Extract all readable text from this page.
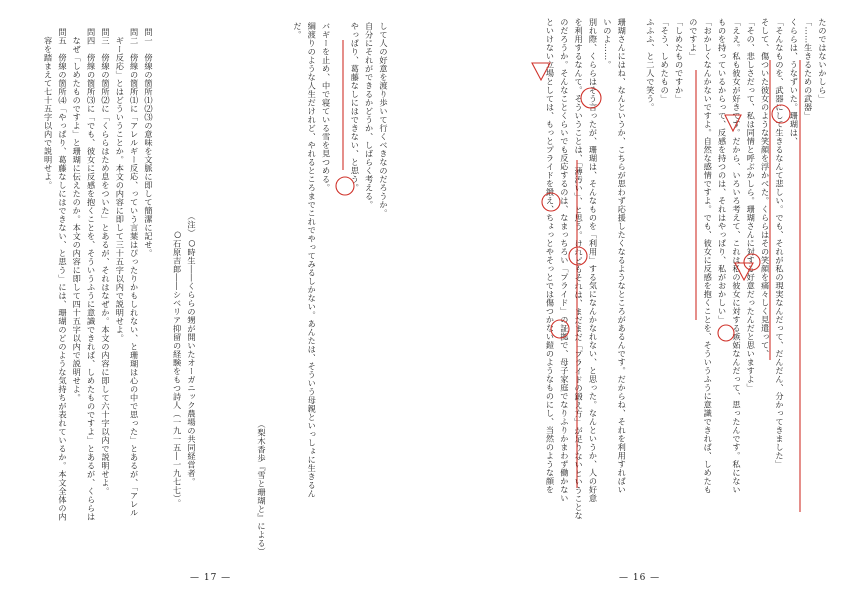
たのではないかしら」
「……生きるための武器」
くららは、うなずいた。珊瑚は、
「そんなものを、武器にして生きるなんて悲しい。でも、それが私の現実なんだって、だんだん、分かってきました」
そして、傷ついた彼女のような笑顔を浮かべた。くららはその笑顔を痛々しく見遣って、
「その、悲しさだって、私は同情と呼ぶかしら。珊瑚さんに対する好意だったんだと思いますよ」
「ええ。私も彼女が好きです。だから、いろいろ考えて、これは私の彼女に対する嫉妬なんだって、思ったんです。私にない
ものを持っているからって、反感を持つのは、それはやっぱり、私がおかしい」
「おかしくなんかないですよ。自然な感情ですよ。でも、彼女に反感を抱くことを、そういうふうに意識できれば、しめたも
のですよ」
「しめたものですか」
「そう、しめたもの」
ふふふ、と二人で笑う。

珊瑚さんにはね、なんというか、こちらが思わず応援したくなるようなところがあるんです。だからね、それを利用すればい
いのよ……。
別れ際、くららはそう言ったが、珊瑚は、そんなものを「利用」する気になんかなれない、と思った。なんというか、人の好意
を利用するなんて。そういうことは、「薄汚い」、と思う。けれどもそれは、まだまだ「プライドの鍛え方」が足りないということな
のだろうか。そんなことくらいでも反応するのは、なまっちろい「プライド」の証拠で、母子家庭でなりふりかまわず働かない
といけない立場としては、もっとプライドを鍛え、ちょっとやそっとでは傷つかない鎧のようなものにし、当然のような顔を
— 16 —
して人の好意を渡り歩いて行くべきなのだろうか。
自分にそれができるかどうか、しばらく考える。
やっぱり、葛藤なしにはできない、と思う。

バギーを止め、中で寝ている雪を見つめる。
綱渡りのような人生だけれど、やれるところまでこれでやってみるしかない。あんたは、そういう母親といっしょに生きるん
だ。
（梨木香歩『雪と珊瑚と』による）
（注）○時生――くららの甥が開いたオーガニック農場の共同経営者。
　　○石原吉郎――シベリア抑留の経験をもつ詩人（一九一五―一九七七）。
問一　傍線の箇所⑴⑵⑶の意味を文脈に即して簡潔に記せ。
問二　傍線の箇所⑴に「アレルギー反応、っていう言葉はぴったりかもしれない、と珊瑚は心の中で思った」とあるが、「アレル
　ギー反応」とはどういうことか。本文の内容に即して三十五字以内で説明せよ。
問三　傍線の箇所⑵に「くららはため息をついた」とあるが、それはなぜか。本文の内容に即して六十字以内で説明せよ。
問四　傍線の箇所⑶に「でも、彼女に反感を抱くことを、そういうふうに意識できれば、しめたものですよ」とあるが、くららは
　なぜ「しめたものですよ」と珊瑚に伝えたのか。本文の内容に即して四十五字以内で説明せよ。
問五　傍線の箇所⑷「やっぱり、葛藤なしにはできない、と思う」には、珊瑚のどのような気持ちが表れているか。本文全体の内
　容を踏まえて七十五字以内で説明せよ。
— 17 —
